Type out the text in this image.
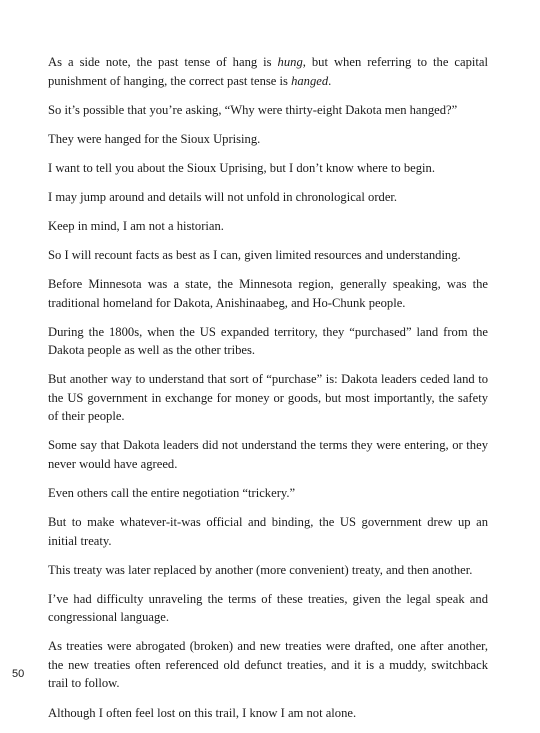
As a side note, the past tense of hang is hung, but when referring to the capital punishment of hanging, the correct past tense is hanged.

So it’s possible that you’re asking, “Why were thirty-eight Dakota men hanged?”

They were hanged for the Sioux Uprising.

I want to tell you about the Sioux Uprising, but I don’t know where to begin.

I may jump around and details will not unfold in chronological order.

Keep in mind, I am not a historian.

So I will recount facts as best as I can, given limited resources and understanding.

Before Minnesota was a state, the Minnesota region, generally speaking, was the traditional homeland for Dakota, Anishinaabeg, and Ho-Chunk people.

During the 1800s, when the US expanded territory, they “purchased” land from the Dakota people as well as the other tribes.

But another way to understand that sort of “purchase” is: Dakota leaders ceded land to the US government in exchange for money or goods, but most importantly, the safety of their people.

Some say that Dakota leaders did not understand the terms they were entering, or they never would have agreed.

Even others call the entire negotiation “trickery.”

But to make whatever-it-was official and binding, the US government drew up an initial treaty.

This treaty was later replaced by another (more convenient) treaty, and then another.

I’ve had difficulty unraveling the terms of these treaties, given the legal speak and congressional language.

As treaties were abrogated (broken) and new treaties were drafted, one after another, the new treaties often referenced old defunct treaties, and it is a muddy, switchback trail to follow.

Although I often feel lost on this trail, I know I am not alone.

50
